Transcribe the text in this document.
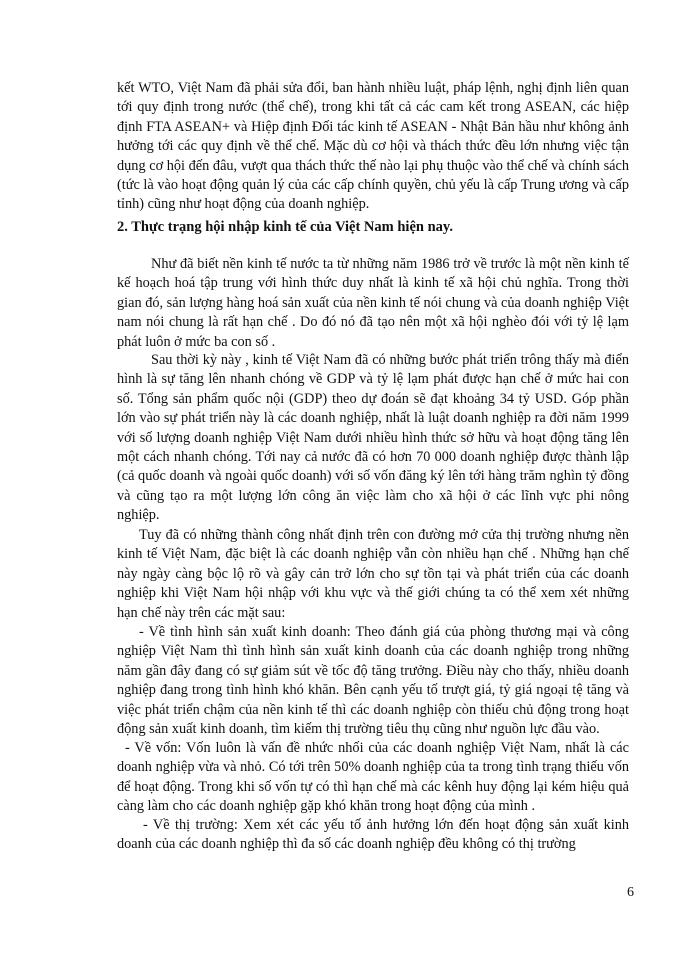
kết WTO, Việt Nam đã phải sửa đổi, ban hành nhiều luật, pháp lệnh, nghị định liên quan tới quy định trong nước (thể chế), trong khi tất cả các cam kết trong ASEAN, các hiệp định FTA ASEAN+ và Hiệp định Đối tác kinh tế ASEAN - Nhật Bản hầu như không ảnh hưởng tới các quy định về thể chế. Mặc dù cơ hội và thách thức đều lớn nhưng việc tận dụng cơ hội đến đâu, vượt qua thách thức thế nào lại phụ thuộc vào thể chế và chính sách (tức là vào hoạt động quản lý của các cấp chính quyền, chủ yếu là cấp Trung ương và cấp tỉnh) cũng như hoạt động của doanh nghiệp.

2. Thực trạng hội nhập kinh tế của Việt Nam hiện nay.

Như đã biết nền kinh tế nước ta từ những năm 1986 trở về trước là một nền kinh tế kế hoạch hoá tập trung với hình thức duy nhất là kinh tế xã hội chủ nghĩa. Trong thời gian đó, sản lượng hàng hoá sản xuất của nền kinh tế nói chung và của doanh nghiệp Việt nam nói chung là rất hạn chế . Do đó nó đã tạo nên một xã hội nghèo đói với tỷ lệ lạm phát luôn ở mức ba con số .

Sau thời kỳ này , kinh tế Việt Nam đã có những bước phát triển trông thấy mà điển hình là sự tăng lên nhanh chóng về GDP và tỷ lệ lạm phát được hạn chế ở mức hai con số. Tổng sản phẩm quốc nội (GDP) theo dự đoán sẽ đạt khoảng 34 tỷ USD. Góp phần lớn vào sự phát triển này là các doanh nghiệp, nhất là luật doanh nghiệp ra đời năm 1999 với số lượng doanh nghiệp Việt Nam dưới nhiều hình thức sở hữu và hoạt động tăng lên một cách nhanh chóng. Tới nay cả nước đã có hơn 70 000 doanh nghiệp được thành lập (cả quốc doanh và ngoài quốc doanh) với số vốn đăng ký lên tới hàng trăm nghìn tỷ đồng và cũng tạo ra một lượng lớn công ăn việc làm cho xã hội ở các lĩnh vực phi nông nghiệp.

Tuy đã có những thành công nhất định trên con đường mở cửa thị trường nhưng nền kinh tế Việt Nam, đặc biệt là các doanh nghiệp vẫn còn nhiều hạn chế . Những hạn chế này ngày càng bộc lộ rõ và gây cản trở lớn cho sự tồn tại và phát triển của các doanh nghiệp khi Việt Nam hội nhập với khu vực và thế giới chúng ta có thể xem xét những hạn chế này trên các mặt sau:

- Về tình hình sản xuất kinh doanh: Theo đánh giá của phòng thương mại và công nghiệp Việt Nam thì tình hình sản xuất kinh doanh của các doanh nghiệp trong những năm gần đây đang có sự giảm sút về tốc độ tăng trưởng. Điều này cho thấy, nhiều doanh nghiệp đang trong tình hình khó khăn. Bên cạnh yếu tố trượt giá, tỷ giá ngoại tệ tăng và việc phát triển chậm của nền kinh tế thì các doanh nghiệp còn thiếu chủ động trong hoạt động sản xuất kinh doanh, tìm kiếm thị trường tiêu thụ cũng như nguồn lực đầu vào.

- Về vốn: Vốn luôn là vấn đề nhức nhối của các doanh nghiệp Việt Nam, nhất là các doanh nghiệp vừa và nhỏ. Có tới trên 50% doanh nghiệp của ta trong tình trạng thiếu vốn để hoạt động. Trong khi số vốn tự có thì hạn chế mà các kênh huy động lại kém hiệu quả càng làm cho các doanh nghiệp gặp khó khăn trong hoạt động của mình .

- Về thị trường: Xem xét các yếu tố ảnh hưởng lớn đến hoạt động sản xuất kinh doanh của các doanh nghiệp thì đa số các doanh nghiệp đều không có thị trường

6
